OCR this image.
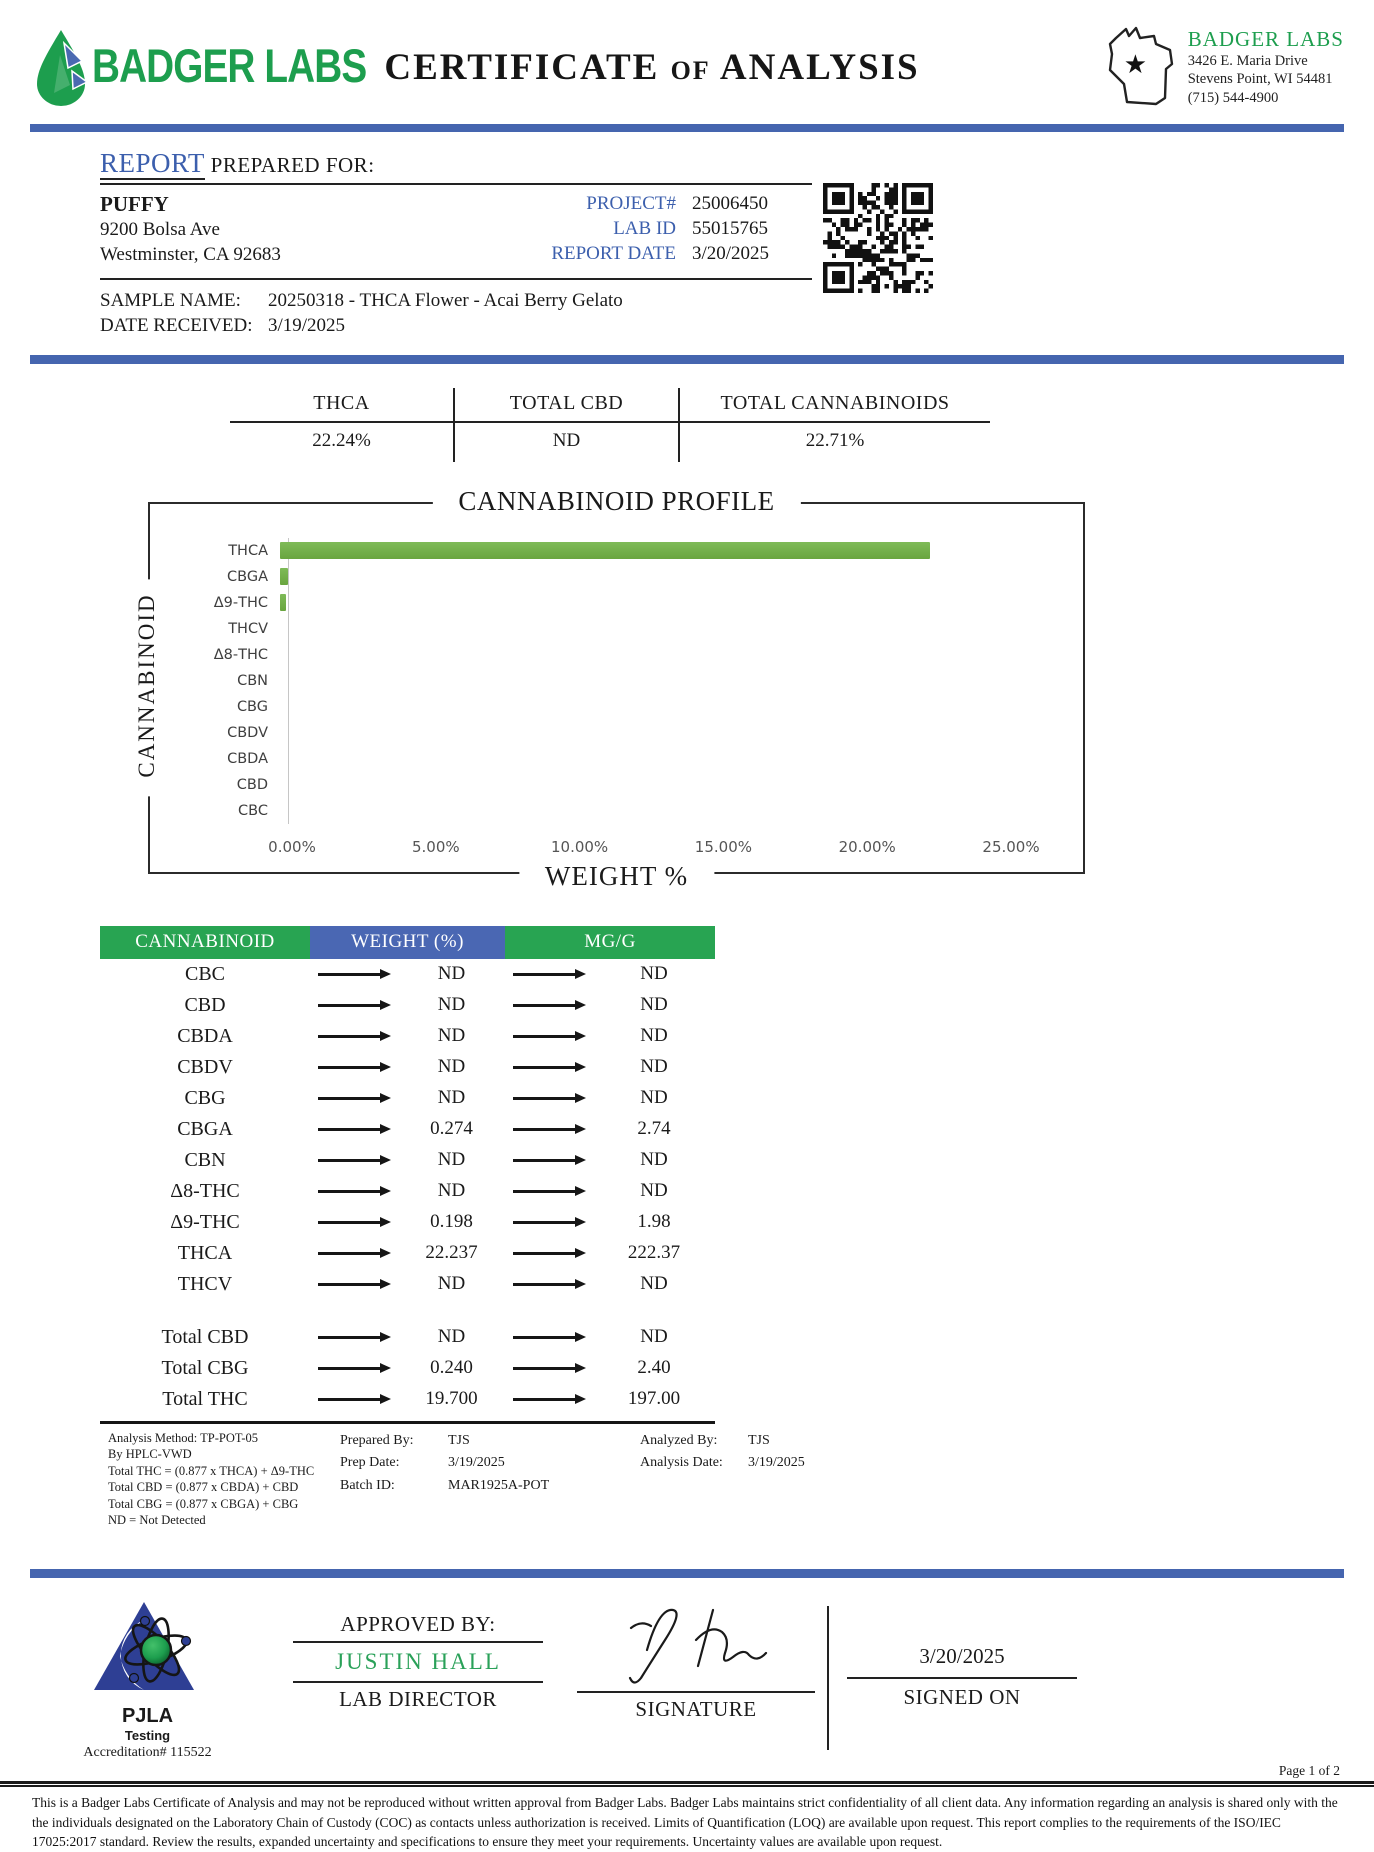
BADGER LABS CERTIFICATE OF ANALYSIS	★
BADGER LABS
3426 E. Maria Drive
Stevens Point, WI 54481
(715) 544-4900
REPORT PREPARED FOR:
PUFFY
9200 Bolsa Ave
Westminster, CA 92683
PROJECT# 25006450
LAB ID 55015765
REPORT DATE 3/20/2025
SAMPLE NAME:	20250318 - THCA Flower - Acai Berry Gelato
DATE RECEIVED: 3/19/2025
THCA	TOTAL CBD	TOTAL CANNABINOIDS
22.24%	ND	22.71%
CANNABINOID PROFILE
CANNABINOID
THCA
CBGA
Δ9-THC
THCV
Δ8-THC
CBN
CBG
CBDV
CBDA
CBD
CBC
0.00%	5.00%	10.00%	15.00%	20.00%	25.00%
WEIGHT %
CANNABINOID	WEIGHT (%)	MG/G
CBC	ND	ND
CBD	ND	ND
CBDA	ND	ND
CBDV	ND	ND
CBG	ND	ND
CBGA	0.274	2.74
CBN	ND	ND
Δ8-THC	ND	ND
Δ9-THC	0.198	1.98
THCA	22.237	222.37
THCV	ND	ND
Total CBD	ND	ND
Total CBG	0.240	2.40
Total THC	19.700	197.00
Analysis Method: TP-POT-05
By HPLC-VWD
Total THC = (0.877 x THCA) + Δ9-THC
Total CBD = (0.877 x CBDA) + CBD
Total CBG = (0.877 x CBGA) + CBG
ND = Not Detected
Prepared By:	TJS
Prep Date:	3/19/2025
Batch ID:	MAR1925A-POT
Analyzed By:	TJS
Analysis Date:	3/19/2025
PJLA
Testing
Accreditation# 115522
APPROVED BY:
JUSTIN HALL
LAB DIRECTOR	SIGNATURE
3/20/2025
SIGNED ON
Page 1 of 2
This is a Badger Labs Certificate of Analysis and may not be reproduced without written approval from Badger Labs. Badger Labs maintains strict confidentiality of all client data. Any information regarding an analysis is shared only with the the individuals designated on the Laboratory Chain of Custody (COC) as contacts unless authorization is received. Limits of Quantification (LOQ) are available upon request. This report complies to the requirements of the ISO/IEC 17025:2017 standard. Review the results, expanded uncertainty and specifications to ensure they meet your requirements. Uncertainty values are available upon request.
